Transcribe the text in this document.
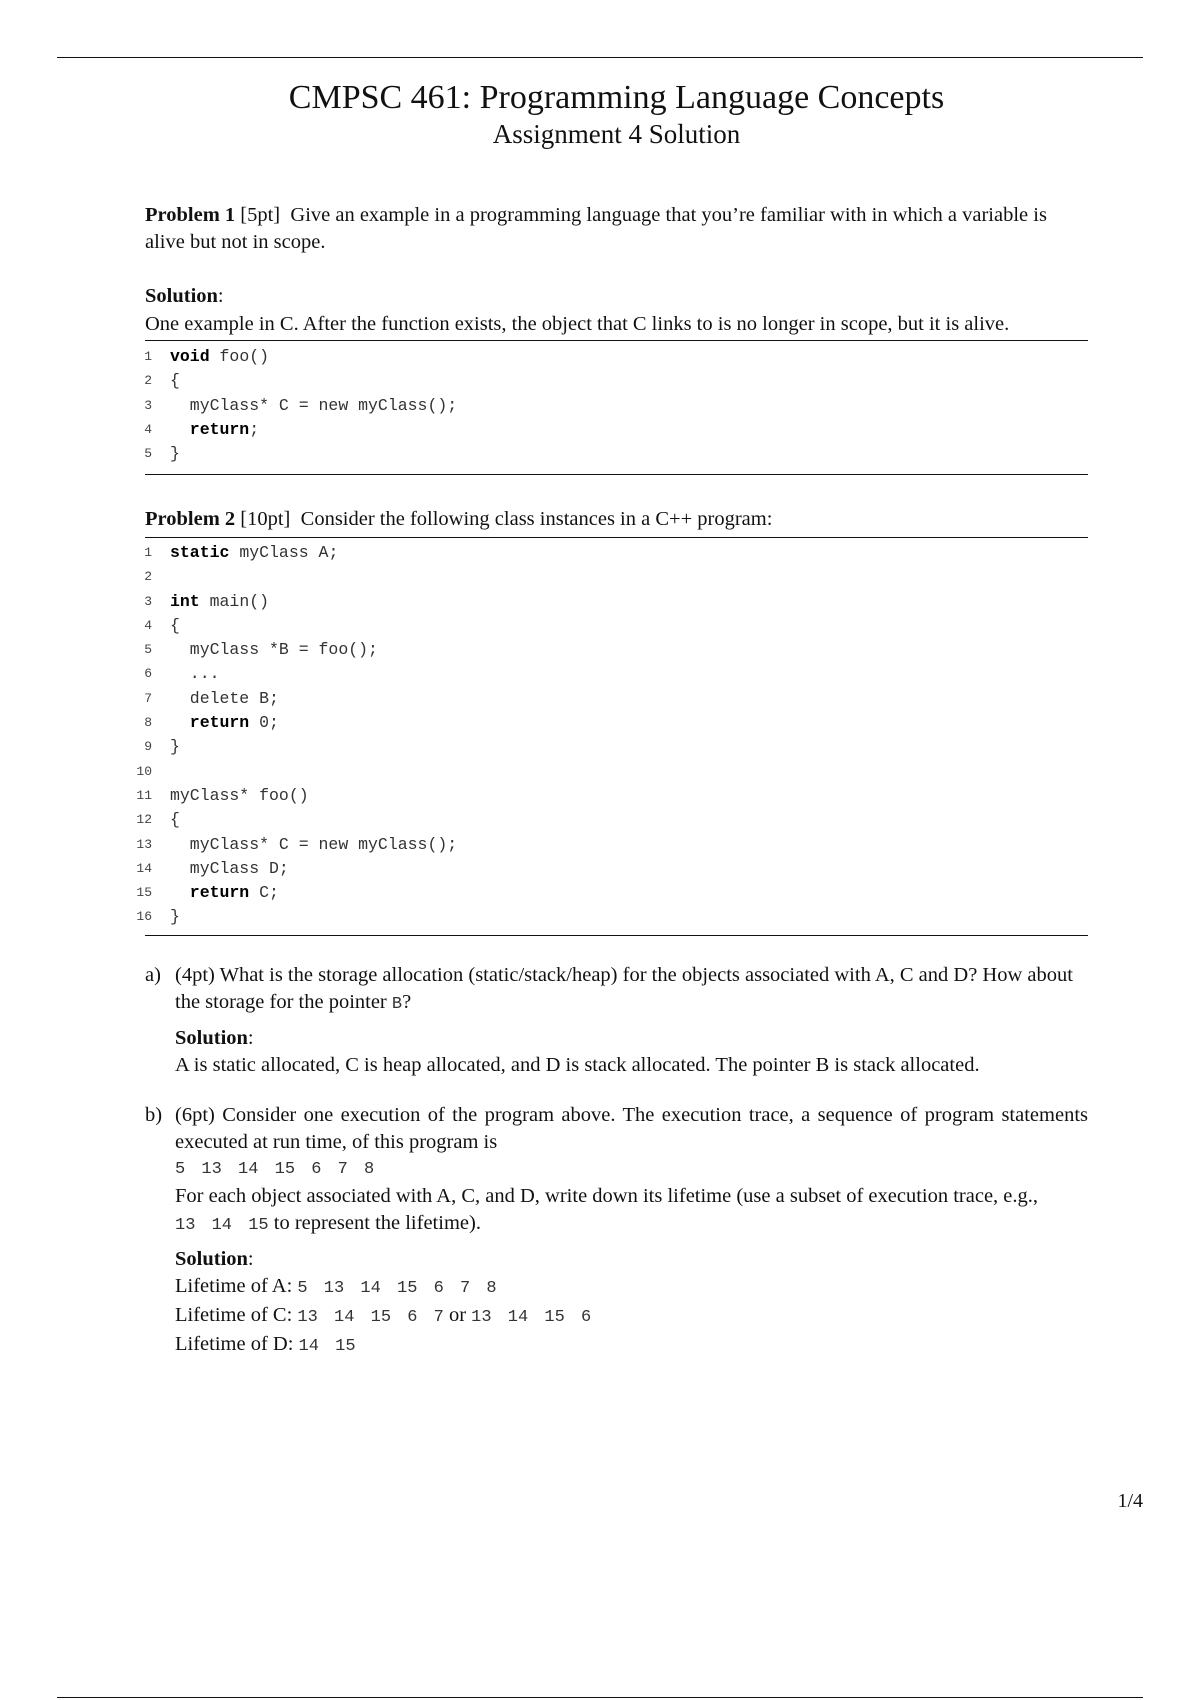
CMPSC 461: Programming Language Concepts
Assignment 4 Solution
Problem 1 [5pt] Give an example in a programming language that you’re familiar with in which a variable is alive but not in scope.
Solution:
One example in C. After the function exists, the object that C links to is no longer in scope, but it is alive.
1 void foo()
2 {
3 myClass* C = new myClass();
4 return;
5 }
Problem 2 [10pt] Consider the following class instances in a C++ program:
1 static myClass A;
2
3 int main()
4 {
5 myClass *B = foo();
6 ...
7 delete B;
8 return 0;
9 }
10
11 myClass* foo()
12 {
13 myClass* C = new myClass();
14 myClass D;
15 return C;
16 }
a) (4pt) What is the storage allocation (static/stack/heap) for the objects associated with A, C and D? How about the storage for the pointer B?
Solution:
A is static allocated, C is heap allocated, and D is stack allocated. The pointer B is stack allocated.
b) (6pt) Consider one execution of the program above. The execution trace, a sequence of program statements executed at run time, of this program is
5 13 14 15 6 7 8
For each object associated with A, C, and D, write down its lifetime (use a subset of execution trace, e.g., 13 14 15 to represent the lifetime).
Solution:
Lifetime of A: 5 13 14 15 6 7 8
Lifetime of C: 13 14 15 6 7 or 13 14 15 6
Lifetime of D: 14 15
1/4
